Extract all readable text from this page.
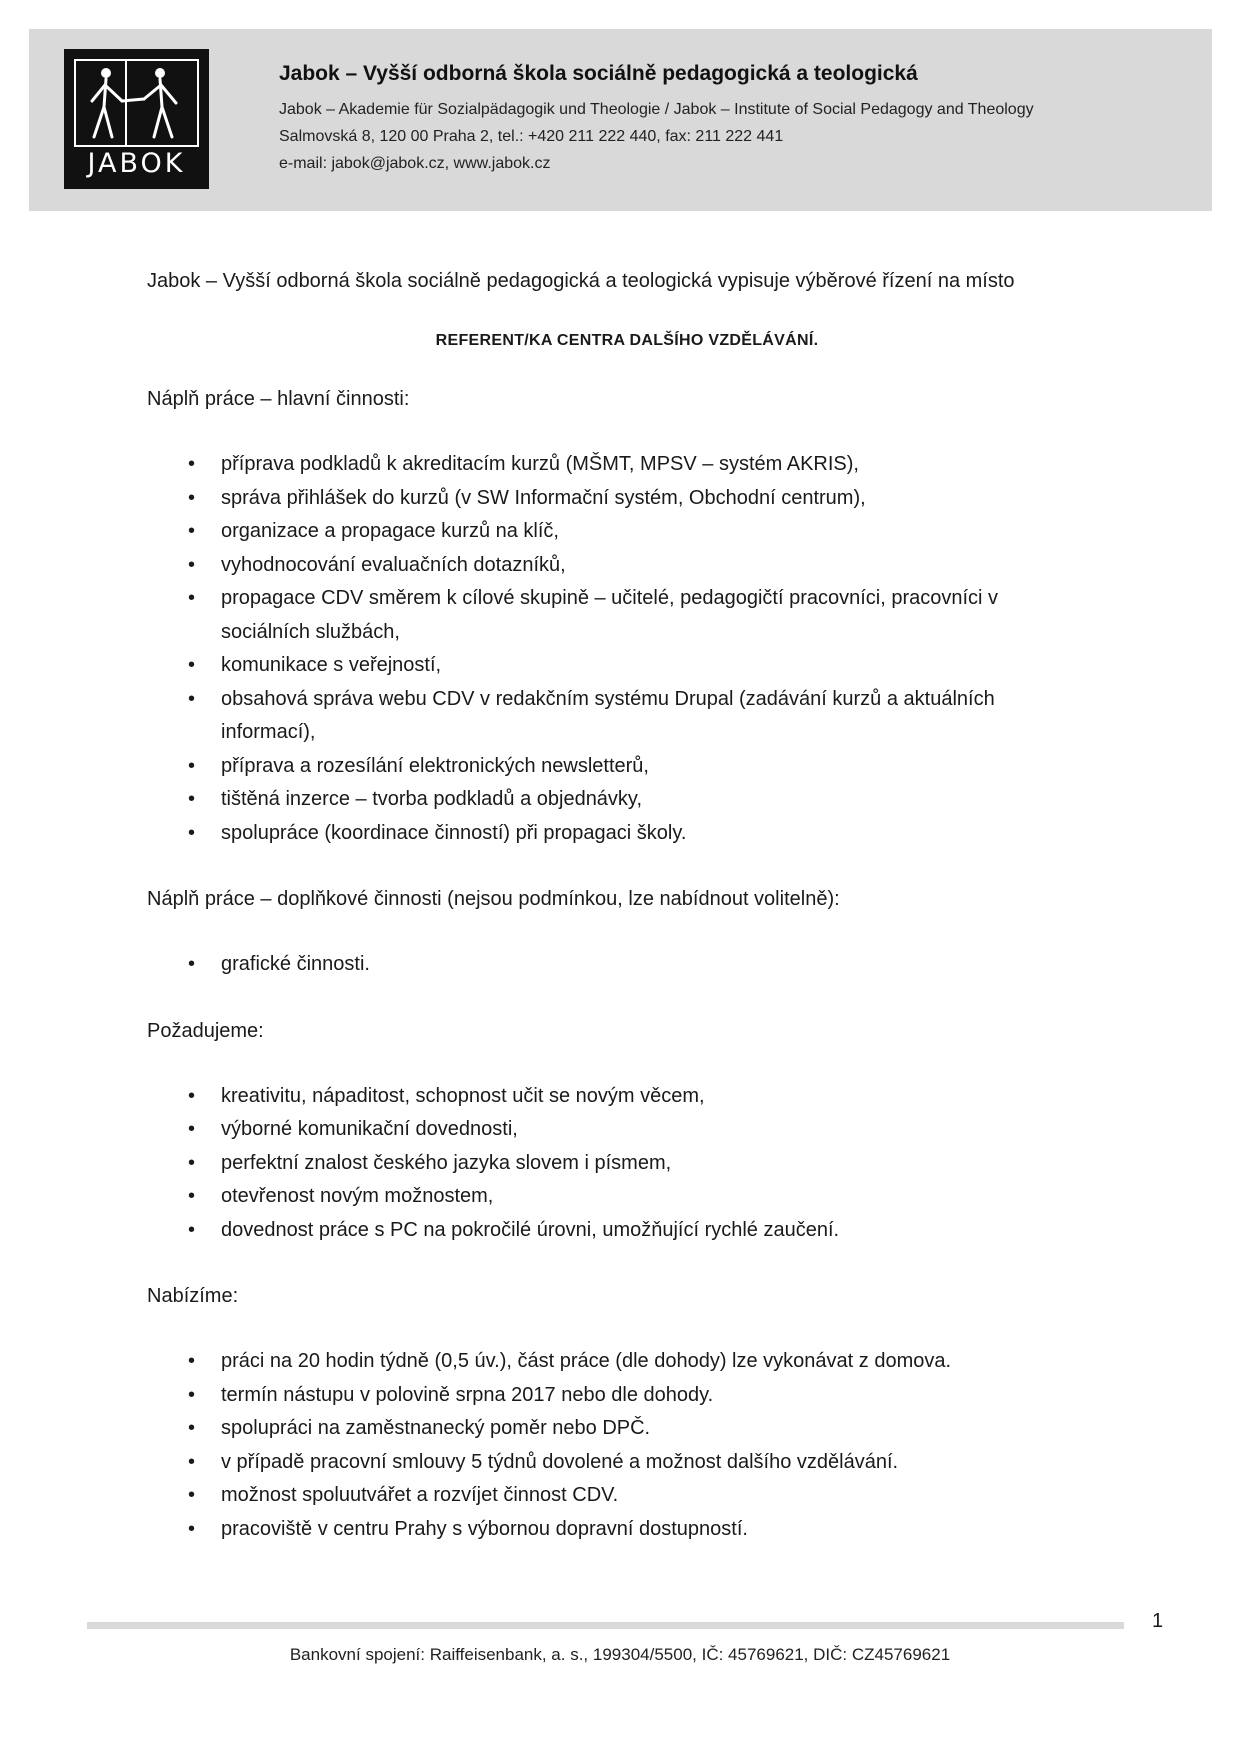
JABOK
Jabok – Vyšší odborná škola sociálně pedagogická a teologická
Jabok – Akademie für Sozialpädagogik und Theologie / Jabok – Institute of Social Pedagogy and Theology
Salmovská 8, 120 00 Praha 2, tel.: +420 211 222 440, fax: 211 222 441
e-mail: jabok@jabok.cz, www.jabok.cz
Jabok – Vyšší odborná škola sociálně pedagogická a teologická vypisuje výběrové řízení na místo
REFERENT/KA CENTRA DALŠÍHO VZDĚLÁVÁNÍ.
Náplň práce – hlavní činnosti:
• příprava podkladů k akreditacím kurzů (MŠMT, MPSV – systém AKRIS),
• správa přihlášek do kurzů (v SW Informační systém, Obchodní centrum),
• organizace a propagace kurzů na klíč,
• vyhodnocování evaluačních dotazníků,
• propagace CDV směrem k cílové skupině – učitelé, pedagogičtí pracovníci, pracovníci v sociálních službách,
• komunikace s veřejností,
• obsahová správa webu CDV v redakčním systému Drupal (zadávání kurzů a aktuálních informací),
• příprava a rozesílání elektronických newsletterů,
• tištěná inzerce – tvorba podkladů a objednávky,
• spolupráce (koordinace činností) při propagaci školy.
Náplň práce – doplňkové činnosti (nejsou podmínkou, lze nabídnout volitelně):
• grafické činnosti.
Požadujeme:
• kreativitu, nápaditost, schopnost učit se novým věcem,
• výborné komunikační dovednosti,
• perfektní znalost českého jazyka slovem i písmem,
• otevřenost novým možnostem,
• dovednost práce s PC na pokročilé úrovni, umožňující rychlé zaučení.
Nabízíme:
• práci na 20 hodin týdně (0,5 úv.), část práce (dle dohody) lze vykonávat z domova.
• termín nástupu v polovině srpna 2017 nebo dle dohody.
• spolupráci na zaměstnanecký poměr nebo DPČ.
• v případě pracovní smlouvy 5 týdnů dovolené a možnost dalšího vzdělávání.
• možnost spoluutvářet a rozvíjet činnost CDV.
• pracoviště v centru Prahy s výbornou dopravní dostupností.
1
Bankovní spojení: Raiffeisenbank, a. s., 199304/5500, IČ: 45769621, DIČ: CZ45769621
